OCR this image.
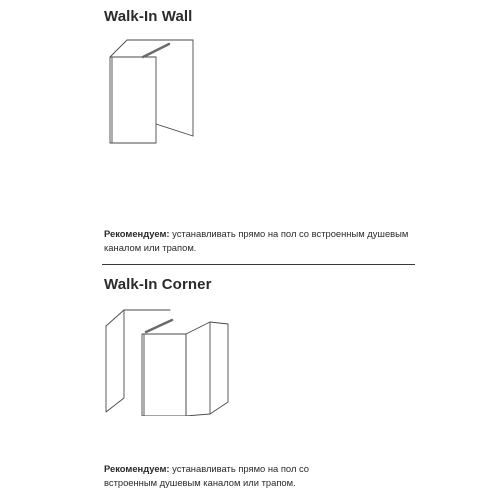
Walk-In Wall

Рекомендуем: устанавливать прямо на пол со встроенным душевым каналом или трапом.

Walk-In Corner

Рекомендуем: устанавливать прямо на пол со встроенным душевым каналом или трапом.
